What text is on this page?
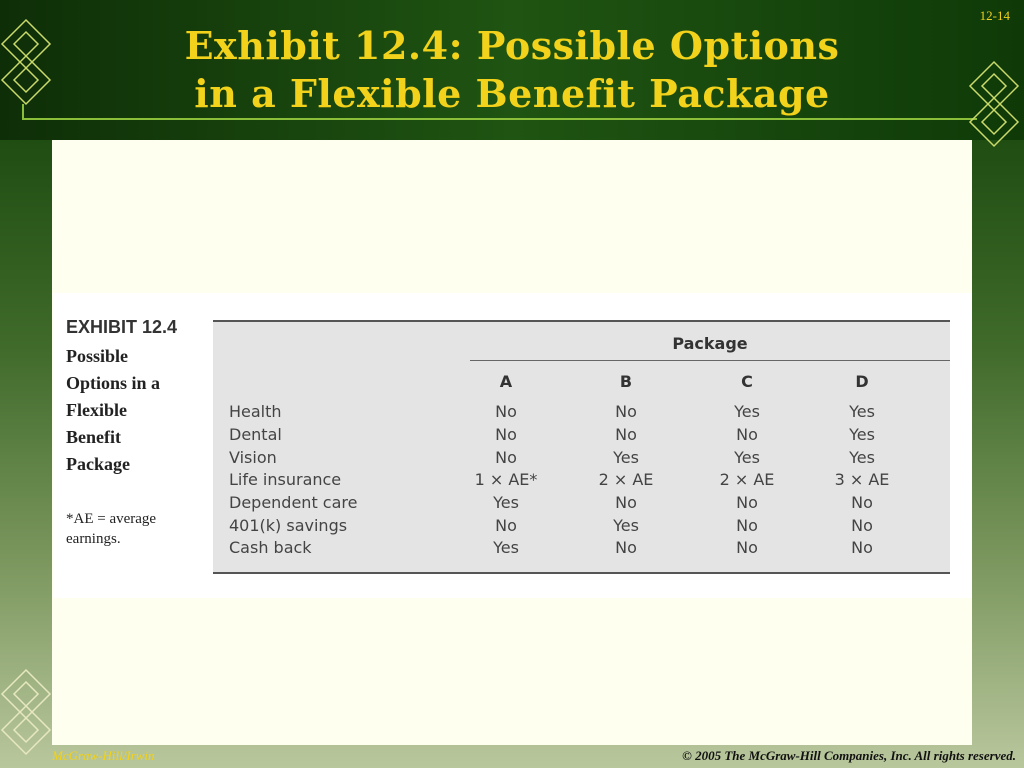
Exhibit 12.4: Possible Options
in a Flexible Benefit Package
12-14
EXHIBIT 12.4
Possible
Options in a
Flexible
Benefit
Package
*AE = average
earnings.
Package
A	B	C	D
Health	No	No	Yes	Yes
Dental	No	No	No	Yes
Vision	No	Yes	Yes	Yes
Life insurance	1 × AE*	2 × AE	2 × AE	3 × AE
Dependent care	Yes	No	No	No
401(k) savings	No	Yes	No	No
Cash back	Yes	No	No	No
McGraw-Hill/Irwin	© 2005 The McGraw-Hill Companies, Inc. All rights reserved.
